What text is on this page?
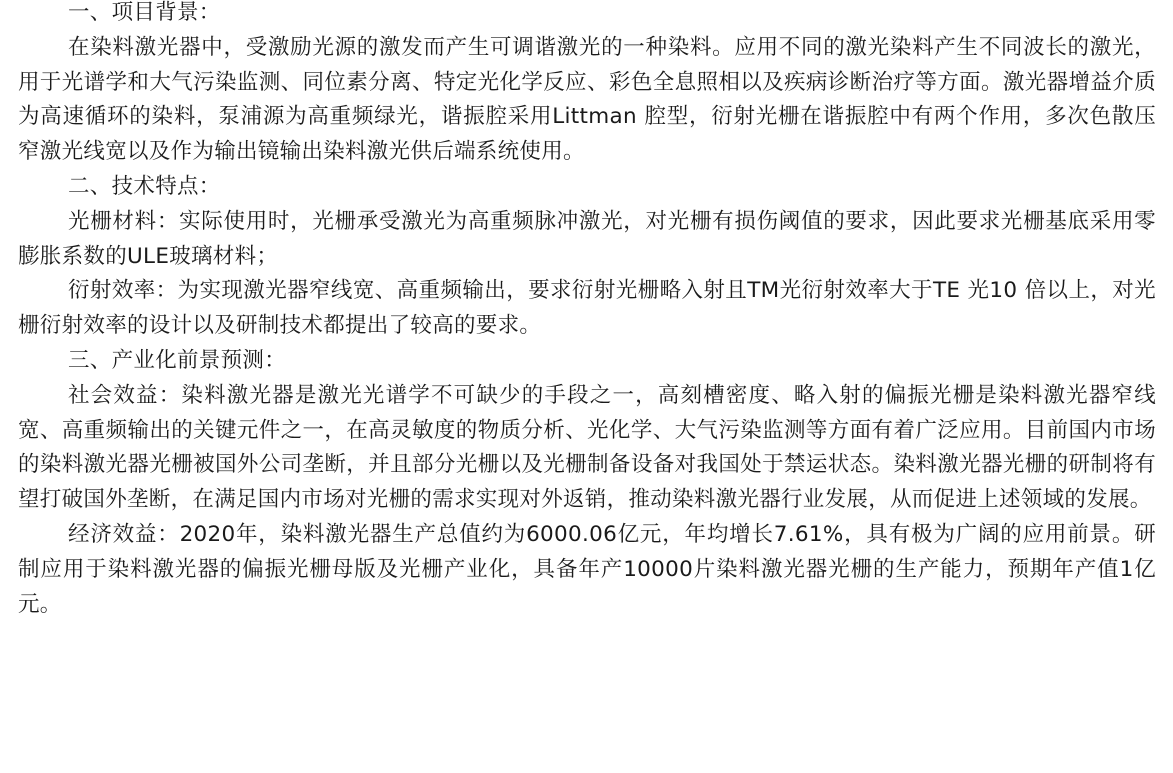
一、项目背景：

在染料激光器中，受激励光源的激发而产生可调谐激光的一种染料。应用不同的激光染料产生不同波长的激光，用于光谱学和大气污染监测、同位素分离、特定光化学反应、彩色全息照相以及疾病诊断治疗等方面。激光器增益介质为高速循环的染料，泵浦源为高重频绿光，谐振腔采用Littman 腔型，衍射光栅在谐振腔中有两个作用，多次色散压窄激光线宽以及作为输出镜输出染料激光供后端系统使用。

二、技术特点：

光栅材料：实际使用时，光栅承受激光为高重频脉冲激光，对光栅有损伤阈值的要求，因此要求光栅基底采用零膨胀系数的ULE玻璃材料；

衍射效率：为实现激光器窄线宽、高重频输出，要求衍射光栅略入射且TM光衍射效率大于TE 光10 倍以上，对光栅衍射效率的设计以及研制技术都提出了较高的要求。

三、产业化前景预测：

社会效益：染料激光器是激光光谱学不可缺少的手段之一，高刻槽密度、略入射的偏振光栅是染料激光器窄线宽、高重频输出的关键元件之一，在高灵敏度的物质分析、光化学、大气污染监测等方面有着广泛应用。目前国内市场的染料激光器光栅被国外公司垄断，并且部分光栅以及光栅制备设备对我国处于禁运状态。染料激光器光栅的研制将有望打破国外垄断，在满足国内市场对光栅的需求实现对外返销，推动染料激光器行业发展，从而促进上述领域的发展。

经济效益：2020年，染料激光器生产总值约为6000.06亿元，年均增长7.61%，具有极为广阔的应用前景。研制应用于染料激光器的偏振光栅母版及光栅产业化，具备年产10000片染料激光器光栅的生产能力，预期年产值1亿元。
